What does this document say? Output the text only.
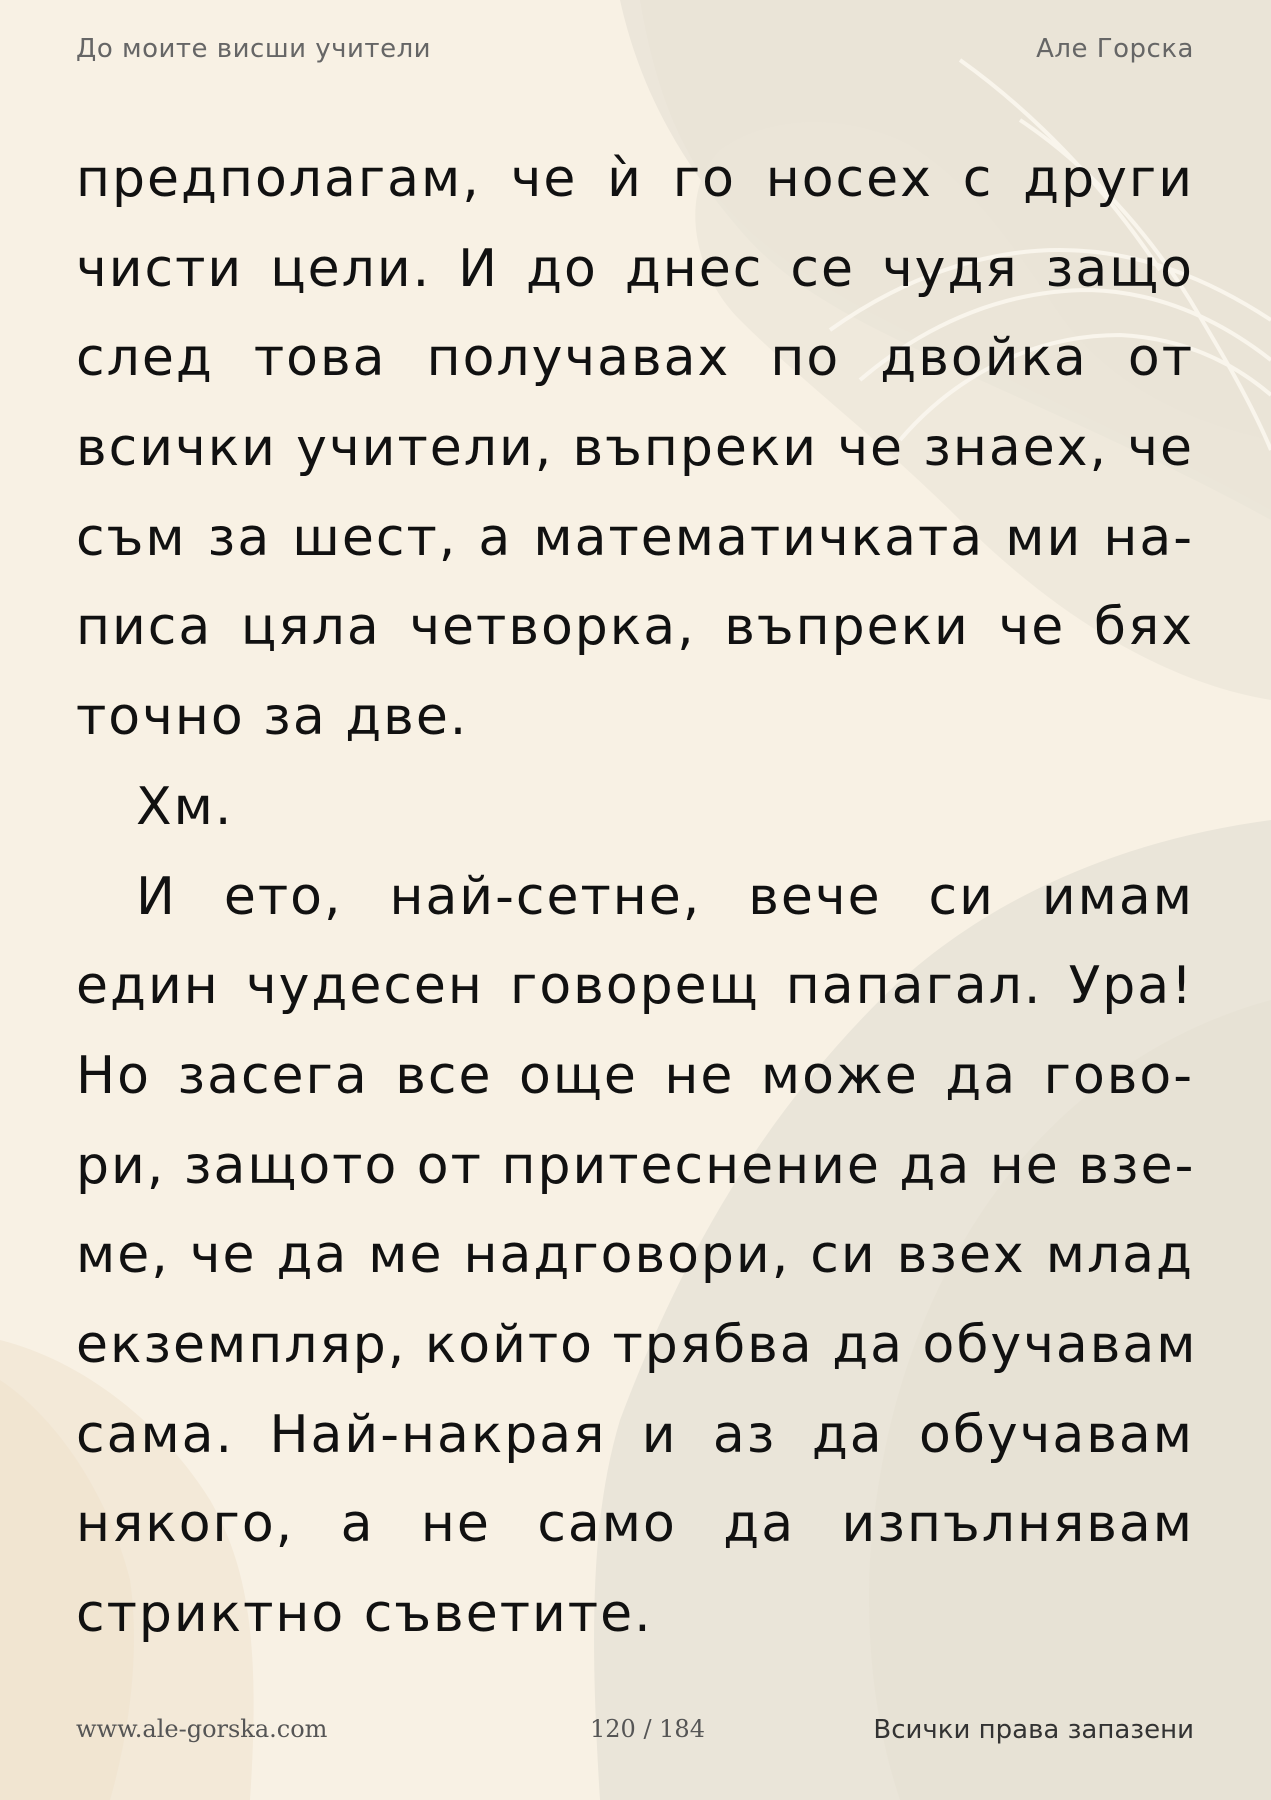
До моите висши учители	Але Горска
предполагам, че ѝ го носех с други
чисти цели. И до днес се чудя защо
след това получавах по двойка от
всички учители, въпреки че знаех, че
съм за шест, а математичката ми на-
писа цяла четворка, въпреки че бях
точно за две.
Хм.
И ето, най-сетне, вече си имам
един чудесен говорещ папагал. Ура!
Но засега все още не може да гово-
ри, защото от притеснение да не взе-
ме, че да ме надговори, си взех млад
екземпляр, който трябва да обучавам
сама. Най-накрая и аз да обучавам
някого, а не само да изпълнявам
стриктно съветите.
www.ale-gorska.com	120 / 184	Всички права запазени
